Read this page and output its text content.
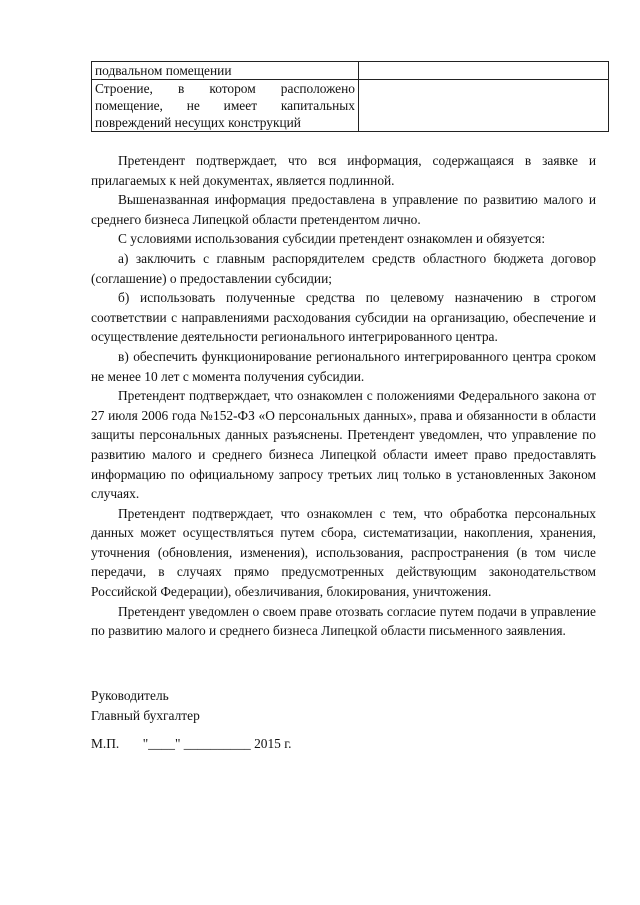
подвальном помещении	

Строение, в котором расположено
помещение, не имеет капитальных
повреждений несущих конструкций	

Претендент подтверждает, что вся информация, содержащаяся в заявке и прилагаемых к ней документах, является подлинной.

Вышеназванная информация предоставлена в управление по развитию малого и среднего бизнеса Липецкой области претендентом лично.

С условиями использования субсидии претендент ознакомлен и обязуется:

а) заключить с главным распорядителем средств областного бюджета договор (соглашение) о предоставлении субсидии;

б) использовать полученные средства по целевому назначению в строгом соответствии с направлениями расходования субсидии на организацию, обеспечение и осуществление деятельности регионального интегрированного центра.

в) обеспечить функционирование регионального интегрированного центра сроком не менее 10 лет с момента получения субсидии.

Претендент подтверждает, что ознакомлен с положениями Федерального закона от 27 июля 2006 года №152-ФЗ «О персональных данных», права и обязанности в области защиты персональных данных разъяснены. Претендент уведомлен, что управление по развитию малого и среднего бизнеса Липецкой области имеет право предоставлять информацию по официальному запросу третьих лиц только в установленных Законом случаях.

Претендент подтверждает, что ознакомлен с тем, что обработка персональных данных может осуществляться путем сбора, систематизации, накопления, хранения, уточнения (обновления, изменения), использования, распространения (в том числе передачи, в случаях прямо предусмотренных действующим законодательством Российской Федерации), обезличивания, блокирования, уничтожения.

Претендент уведомлен о своем праве отозвать согласие путем подачи в управление по развитию малого и среднего бизнеса Липецкой области письменного заявления.

Руководитель
Главный бухгалтер
М.П.       "____" __________ 2015 г.
